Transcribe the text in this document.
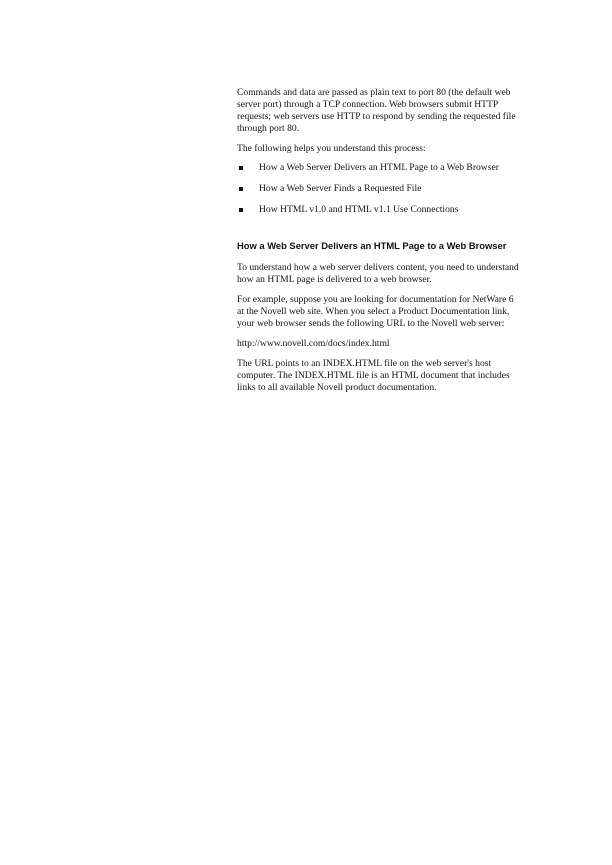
Commands and data are passed as plain text to port 80 (the default web server port) through a TCP connection. Web browsers submit HTTP requests; web servers use HTTP to respond by sending the requested file through port 80.

The following helps you understand this process:

How a Web Server Delivers an HTML Page to a Web Browser
How a Web Server Finds a Requested File
How HTML v1.0 and HTML v1.1 Use Connections
How a Web Server Delivers an HTML Page to a Web Browser

To understand how a web server delivers content, you need to understand how an HTML page is delivered to a web browser.

For example, suppose you are looking for documentation for NetWare 6 at the Novell web site. When you select a Product Documentation link, your web browser sends the following URL to the Novell web server:

http://www.novell.com/docs/index.html

The URL points to an INDEX.HTML file on the web server's host computer. The INDEX.HTML file is an HTML document that includes links to all available Novell product documentation.
